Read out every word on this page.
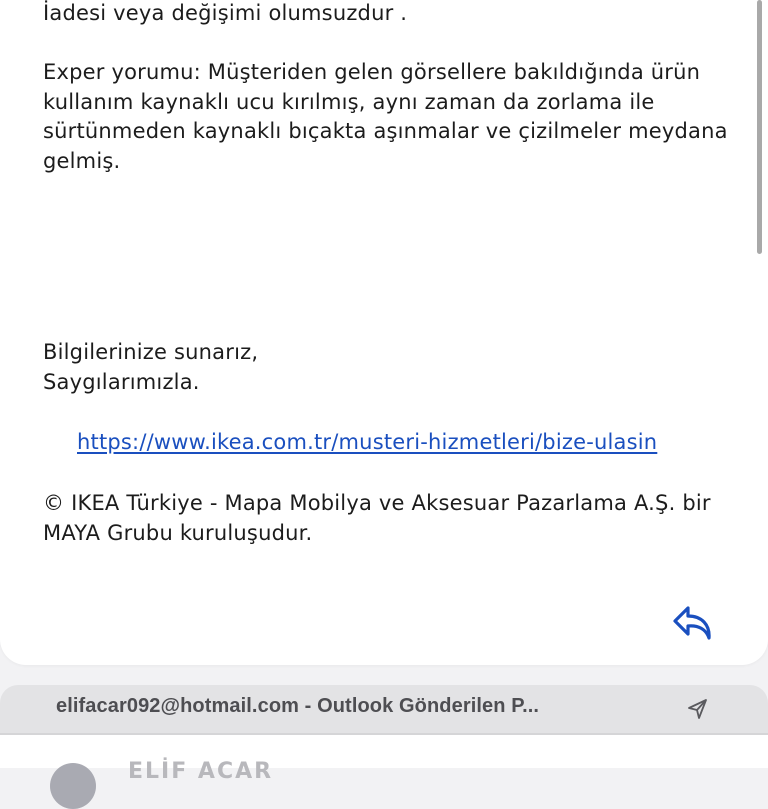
İadesi veya değişimi olumsuzdur .

Exper yorumu: Müşteriden gelen görsellere bakıldığında ürün kullanım kaynaklı ucu kırılmış, aynı zaman da zorlama ile sürtünmeden kaynaklı bıçakta aşınmalar ve çizilmeler meydana gelmiş.

Bilgilerinize sunarız,

Saygılarımızla.

https://www.ikea.com.tr/musteri-hizmetleri/bize-ulasin

© IKEA Türkiye - Mapa Mobilya ve Aksesuar Pazarlama A.Ş. bir MAYA Grubu kuruluşudur.

elifacar092@hotmail.com - Outlook Gönderilen P...
ELİF ACAR
